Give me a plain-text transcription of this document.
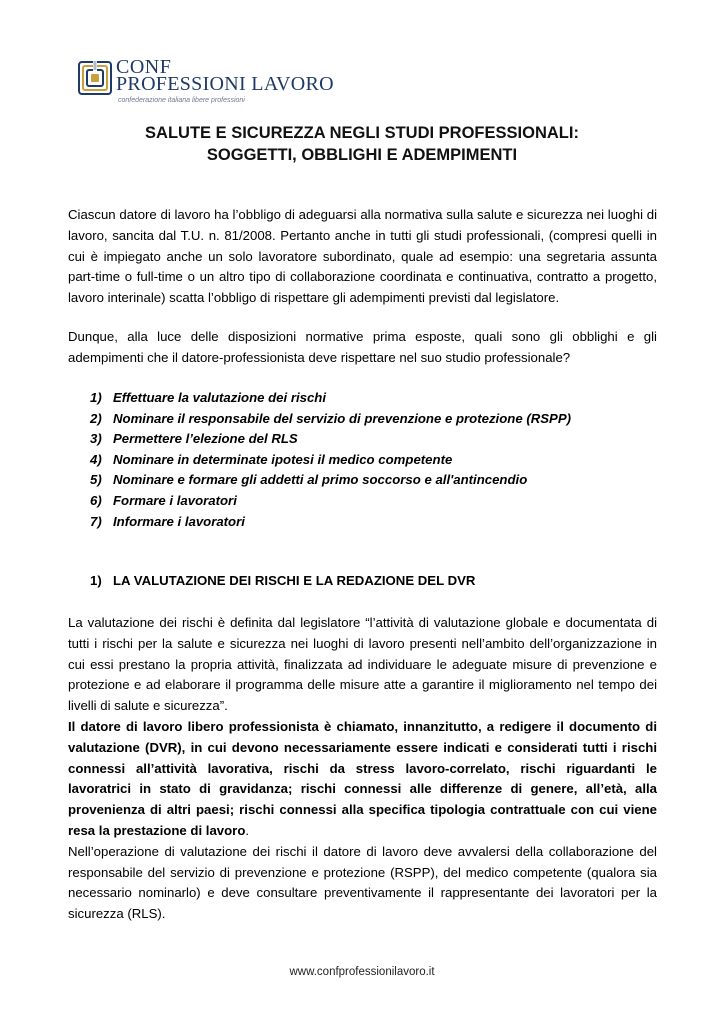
CONF
PROFESSIONI LAVORO
confederazione italiana libere professioni
SALUTE E SICUREZZA NEGLI STUDI PROFESSIONALI:
SOGGETTI, OBBLIGHI E ADEMPIMENTI
Ciascun datore di lavoro ha l’obbligo di adeguarsi alla normativa sulla salute e sicurezza nei luoghi di lavoro, sancita dal T.U. n. 81/2008. Pertanto anche in tutti gli studi professionali, (compresi quelli in cui è impiegato anche un solo lavoratore subordinato, quale ad esempio: una segretaria assunta part-time o full-time o un altro tipo di collaborazione coordinata e continuativa, contratto a progetto, lavoro interinale) scatta l’obbligo di rispettare gli adempimenti previsti dal legislatore.
Dunque, alla luce delle disposizioni normative prima esposte, quali sono gli obblighi e gli adempimenti che il datore-professionista deve rispettare nel suo studio professionale?
1) Effettuare la valutazione dei rischi
2) Nominare il responsabile del servizio di prevenzione e protezione (RSPP)
3) Permettere l’elezione del RLS
4) Nominare in determinate ipotesi il medico competente
5) Nominare e formare gli addetti al primo soccorso e all'antincendio
6) Formare i lavoratori
7) Informare i lavoratori
1) LA VALUTAZIONE DEI RISCHI E LA REDAZIONE DEL DVR
La valutazione dei rischi è definita dal legislatore “l’attività di valutazione globale e documentata di tutti i rischi per la salute e sicurezza nei luoghi di lavoro presenti nell’ambito dell’organizzazione in cui essi prestano la propria attività, finalizzata ad individuare le adeguate misure di prevenzione e protezione e ad elaborare il programma delle misure atte a garantire il miglioramento nel tempo dei livelli di salute e sicurezza”.
Il datore di lavoro libero professionista è chiamato, innanzitutto, a redigere il documento di valutazione (DVR), in cui devono necessariamente essere indicati e considerati tutti i rischi connessi all’attività lavorativa, rischi da stress lavoro-correlato, rischi riguardanti le lavoratrici in stato di gravidanza; rischi connessi alle differenze di genere, all’età, alla provenienza di altri paesi; rischi connessi alla specifica tipologia contrattuale con cui viene resa la prestazione di lavoro.
Nell’operazione di valutazione dei rischi il datore di lavoro deve avvalersi della collaborazione del responsabile del servizio di prevenzione e protezione (RSPP), del medico competente (qualora sia necessario nominarlo) e deve consultare preventivamente il rappresentante dei lavoratori per la sicurezza (RLS).
www.confprofessionilavoro.it
